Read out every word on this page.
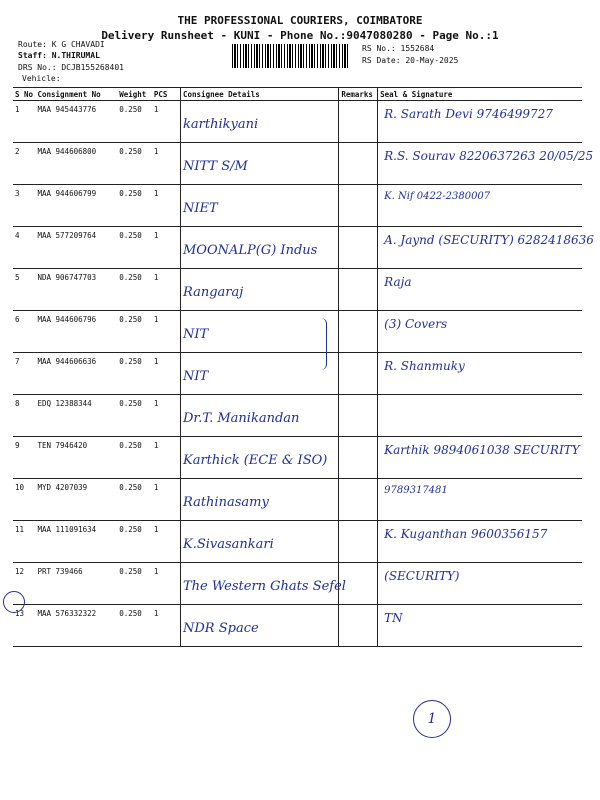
THE PROFESSIONAL COURIERS, COIMBATORE
Delivery Runsheet - KUNI - Phone No.:9047080280 - Page No.:1
Route: K G CHAVADI
Staff: N.THIRUMAL
DRS No.: DCJB155268401
Vehicle:
RS No.: 1552684
RS Date: 20-May-2025
S No	Consignment No	Weight	PCS	Consignee Details	Remarks	Seal & Signature
1	MAA 945443776	0.250	1	karthikyani		R. Sarath Devi 9746499727

2	MAA 944606800	0.250	1	NITT S/M		R.S. Sourav 8220637263 20/05/25

3	MAA 944606799	0.250	1	NIET		K. Nif 0422-2380007

4	MAA 577209764	0.250	1	MOONALP(G) Indus		A. Jaynd (SECURITY) 6282418636

5	NDA 906747703	0.250	1	Rangaraj		Raja

6	MAA 944606796	0.250	1	NIT		(3) Covers

7	MAA 944606636	0.250	1	NIT		R. Shanmuky

8	EDQ 12388344	0.250	1	Dr.T. Manikandan		

9	TEN 7946420	0.250	1	Karthick (ECE & ISO)		Karthik 9894061038 SECURITY

10	MYD 4207039	0.250	1	Rathinasamy		9789317481

11	MAA 111091634	0.250	1	K.Sivasankari		K. Kuganthan 9600356157

12	PRT 739466	0.250	1	The Western Ghats Sefel		(SECURITY)

13	MAA 576332322	0.250	1	NDR Space		TN
1
